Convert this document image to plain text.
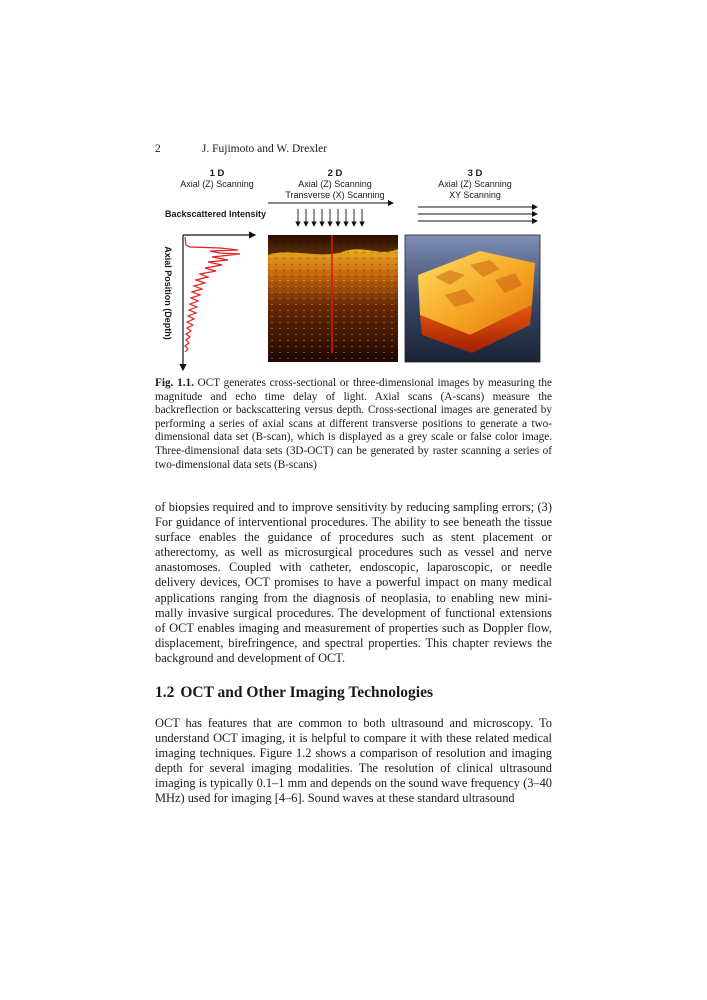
2	J. Fujimoto and W. Drexler
1 D
Axial (Z) Scanning
2 D
Axial (Z) Scanning
Transverse (X) Scanning
3 D
Axial (Z) Scanning
XY Scanning
Backscattered Intensity
Axial Position (Depth)
Fig. 1.1. OCT generates cross-sectional or three-dimensional images by measuring the magnitude and echo time delay of light. Axial scans (A-scans) measure the backreflection or backscattering versus depth. Cross-sectional images are generated by performing a series of axial scans at different transverse positions to generate a two-dimensional data set (B-scan), which is displayed as a grey scale or false color image. Three-dimensional data sets (3D-OCT) can be generated by raster scanning a series of two-dimensional data sets (B-scans)
of biopsies required and to improve sensitivity by reducing sampling errors; (3) For guidance of interventional procedures. The ability to see beneath the tissue surface enables the guidance of procedures such as stent placement or atherectomy, as well as microsurgical procedures such as vessel and nerve anastomoses. Coupled with catheter, endoscopic, laparoscopic, or needle delivery devices, OCT promises to have a powerful impact on many medical applications ranging from the diagnosis of neoplasia, to enabling new minimally invasive surgical procedures. The development of functional extensions of OCT enables imaging and measurement of properties such as Doppler flow, displacement, birefringence, and spectral properties. This chapter reviews the background and development of OCT.
1.2 OCT and Other Imaging Technologies
OCT has features that are common to both ultrasound and microscopy. To understand OCT imaging, it is helpful to compare it with these related medical imaging techniques. Figure 1.2 shows a comparison of resolution and imaging depth for several imaging modalities. The resolution of clinical ultrasound imaging is typically 0.1–1 mm and depends on the sound wave frequency (3–40 MHz) used for imaging [4–6]. Sound waves at these standard ultrasound
